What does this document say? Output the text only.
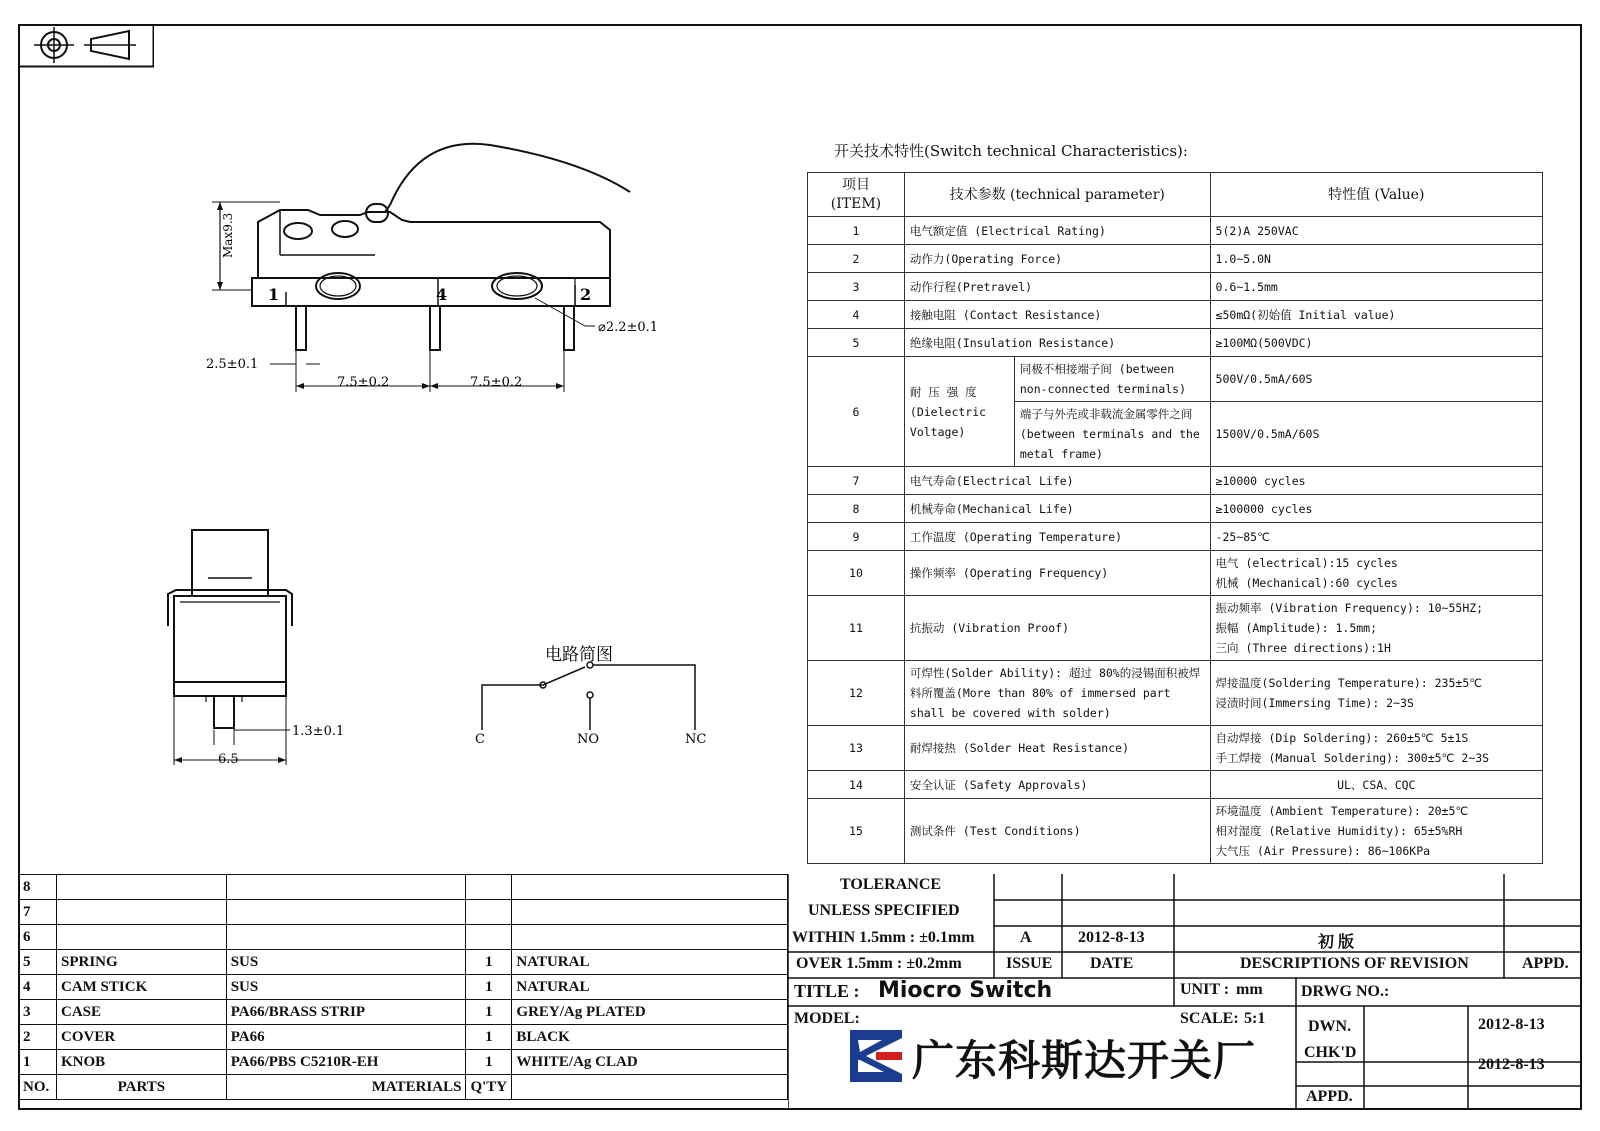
1	4	2
Max9.3
⌀2.2±0.1
2.5±0.1
7.5±0.2	7.5±0.2
1.3±0.1
6.5
电路简图
C	NO	NC
开关技术特性(Switch technical Characteristics):
项目
(ITEM)	技术参数 (technical parameter)		特性值 (Value)
1	电气额定值 (Electrical Rating)		5(2)A 250VAC
2	动作力(Operating Force)		1.0~5.0N
3	动作行程(Pretravel)		0.6~1.5mm
4	接触电阻 (Contact Resistance)		≤50mΩ(初始值 Initial value)
5	绝缘电阻(Insulation Resistance)		≥100MΩ(500VDC)
6	耐 压 强 度 (Dielectric Voltage)	同极不相接端子间 (between non-connected terminals)	500V/0.5mA/60S
		端子与外壳或非载流金属零件之间(between terminals and the metal frame)	1500V/0.5mA/60S
7	电气寿命(Electrical Life)		≥10000 cycles
8	机械寿命(Mechanical Life)		≥100000 cycles
9	工作温度 (Operating Temperature)		-25~85℃
10	操作频率 (Operating Frequency)		电气 (electrical):15 cycles
机械 (Mechanical):60 cycles
11	抗振动 (Vibration Proof)		振动频率 (Vibration Frequency): 10~55HZ;
振幅 (Amplitude): 1.5mm;
三向 (Three directions):1H
12	可焊性(Solder Ability): 超过 80%的浸锡面积被焊料所覆盖(More than 80% of immersed part shall be covered with solder)		焊接温度(Soldering Temperature): 235±5℃
浸渍时间(Immersing Time): 2~3S
13	耐焊接热 (Solder Heat Resistance)		自动焊接 (Dip Soldering): 260±5℃ 5±1S
手工焊接 (Manual Soldering): 300±5℃ 2~3S
14	安全认证 (Safety Approvals)		UL、CSA、CQC
15	测试条件 (Test Conditions)		环境温度 (Ambient Temperature): 20±5℃
相对湿度 (Relative Humidity): 65±5%RH
大气压 (Air Pressure): 86~106KPa
8				
7				
6				
5	SPRING	SUS	1	NATURAL
4	CAM STICK	SUS	1	NATURAL
3	CASE	PA66/BRASS STRIP	1	GREY/Ag PLATED
2	COVER	PA66	1	BLACK
1	KNOB	PA66/PBS C5210R-EH	1	WHITE/Ag CLAD
NO.	PARTS	MATERIALS	Q'TY	
TOLERANCE
UNLESS SPECIFIED
WITHIN 1.5mm : ±0.1mm
OVER 1.5mm : ±0.2mm
A	2012-8-13	初 版
ISSUE DATE	DESCRIPTIONS OF REVISION	APPD.
TITLE : Miocro Switch	UNIT : mm DRWG NO.:
MODEL:	SCALE: 5:1	DWN.	2012-8-13
CHK'D
2012-8-13
APPD.
广东科斯达开关厂
